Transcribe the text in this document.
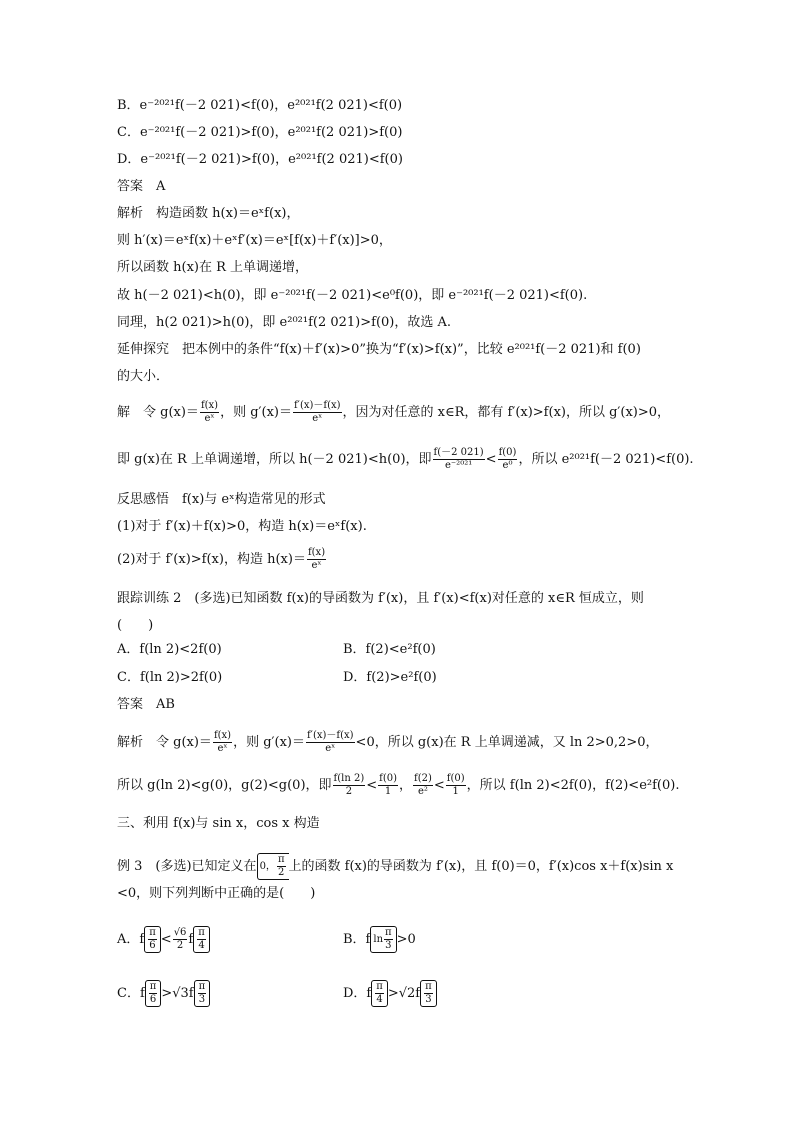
B．e⁻²⁰²¹f(－2 021)<f(0)，e²⁰²¹f(2 021)<f(0)
C．e⁻²⁰²¹f(－2 021)>f(0)，e²⁰²¹f(2 021)>f(0)
D．e⁻²⁰²¹f(－2 021)>f(0)，e²⁰²¹f(2 021)<f(0)
答案　A
解析　构造函数 h(x)＝eˣf(x)，
则 h′(x)＝eˣf(x)＋eˣf′(x)＝eˣ[f(x)＋f′(x)]>0，
所以函数 h(x)在 R 上单调递增，
故 h(－2 021)<h(0)，即 e⁻²⁰²¹f(－2 021)<e⁰f(0)，即 e⁻²⁰²¹f(－2 021)<f(0).
同理，h(2 021)>h(0)，即 e²⁰²¹f(2 021)>f(0)，故选 A.
延伸探究　把本例中的条件“f(x)＋f′(x)>0”换为“f′(x)>f(x)”，比较 e²⁰²¹f(－2 021)和 f(0)
的大小．
解　令 $g(x)= \frac{f(x)}{\text{eˣ}}$ ，则 $g'(x)= \frac{f'(x)-f(x)}{\text{eˣ}}$ ，因为对任意的 x∈R，都有 f′(x)>f(x)，所以 g′(x)>0，
即 g(x)在 R 上单调递增，所以 h(－2 021)<h(0)，即 $\frac{f(-2 021)}{\text{e⁻²⁰²¹}} < \frac{f(0)}{\text{e⁰}}$ ，所以 e²⁰²¹f(－2 021)<f(0).
反思感悟　f(x)与 eˣ构造常见的形式
(1)对于 f′(x)＋f(x)>0，构造 h(x)＝eˣf(x).
(2)对于 f′(x)>f(x)，构造 $h(x)= \frac{f(x)}{\text{eˣ}}$
跟踪训练 2　(多选)已知函数 f(x)的导函数为 f′(x)，且 f′(x)<f(x)对任意的 x∈R 恒成立，则
(　　)
A．f(ln 2)<2f(0)	B．f(2)<e²f(0)
C．f(ln 2)>2f(0)	D．f(2)>e²f(0)
答案　AB
解析　令 $g(x)= \frac{f(x)}{\text{eˣ}}$ ，则 $g'(x)= \frac{f'(x)-f(x)}{\text{eˣ}} <0$，所以 g(x)在 R 上单调递减，又 ln 2>0,2>0，
所以 g(ln 2)<g(0)，g(2)<g(0)，即 $\frac{f(\ln 2)}{2} < \frac{f(0)}{1}$ ， $\frac{f(2)}{\text{e²}} < \frac{f(0)}{1}$ ，所以 f(ln 2)<2f(0)，f(2)<e²f(0).
三、利用 f(x)与 sin x，cos x 构造
例 3　(多选)已知定义在 0， $\frac{\pi}{2}$ 上的函数 f(x)的导函数为 f′(x)，且 f(0)＝0，f′(x)cos x＋f(x)sin x
<0，则下列判断中正确的是(　　)
A．f $\frac{\pi}{6} < \frac{√6}{2}$ f $\frac{\pi}{4}$	B．f $\ln \frac{\pi}{3} >0$
C．f $\frac{\pi}{6} >√3f \frac{\pi}{3}$	D．f $\frac{\pi}{4} >√2f \frac{\pi}{3}$
